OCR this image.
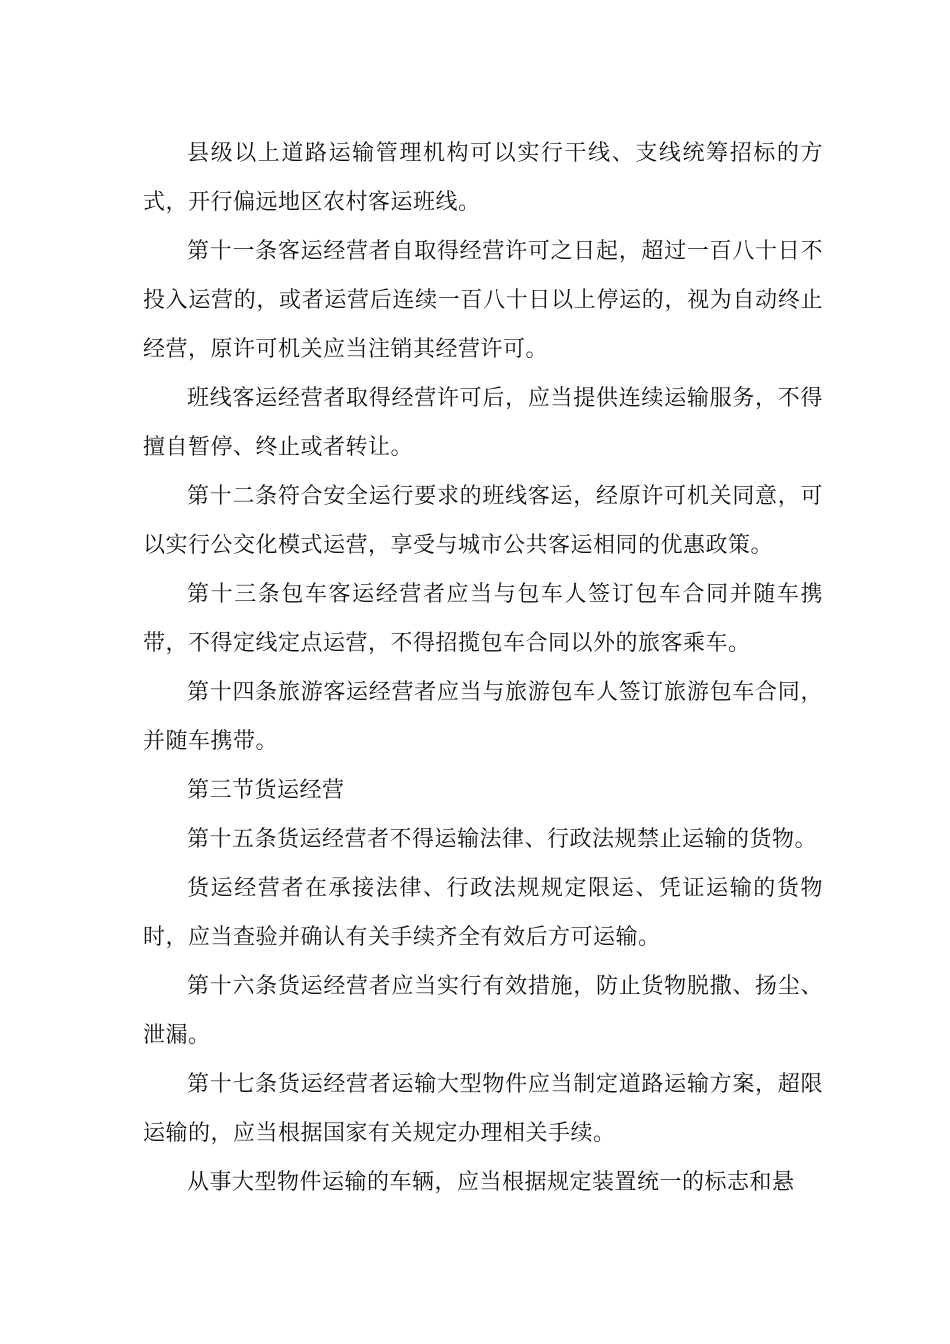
县级以上道路运输管理机构可以实行干线、支线统筹招标的方式，开行偏远地区农村客运班线。

第十一条客运经营者自取得经营许可之日起，超过一百八十日不投入运营的，或者运营后连续一百八十日以上停运的，视为自动终止经营，原许可机关应当注销其经营许可。

班线客运经营者取得经营许可后，应当提供连续运输服务，不得擅自暂停、终止或者转让。

第十二条符合安全运行要求的班线客运，经原许可机关同意，可以实行公交化模式运营，享受与城市公共客运相同的优惠政策。

第十三条包车客运经营者应当与包车人签订包车合同并随车携带，不得定线定点运营，不得招揽包车合同以外的旅客乘车。

第十四条旅游客运经营者应当与旅游包车人签订旅游包车合同，并随车携带。

第三节货运经营

第十五条货运经营者不得运输法律、行政法规禁止运输的货物。

货运经营者在承接法律、行政法规规定限运、凭证运输的货物时，应当查验并确认有关手续齐全有效后方可运输。

第十六条货运经营者应当实行有效措施，防止货物脱撒、扬尘、泄漏。

第十七条货运经营者运输大型物件应当制定道路运输方案，超限运输的，应当根据国家有关规定办理相关手续。

从事大型物件运输的车辆，应当根据规定装置统一的标志和悬
